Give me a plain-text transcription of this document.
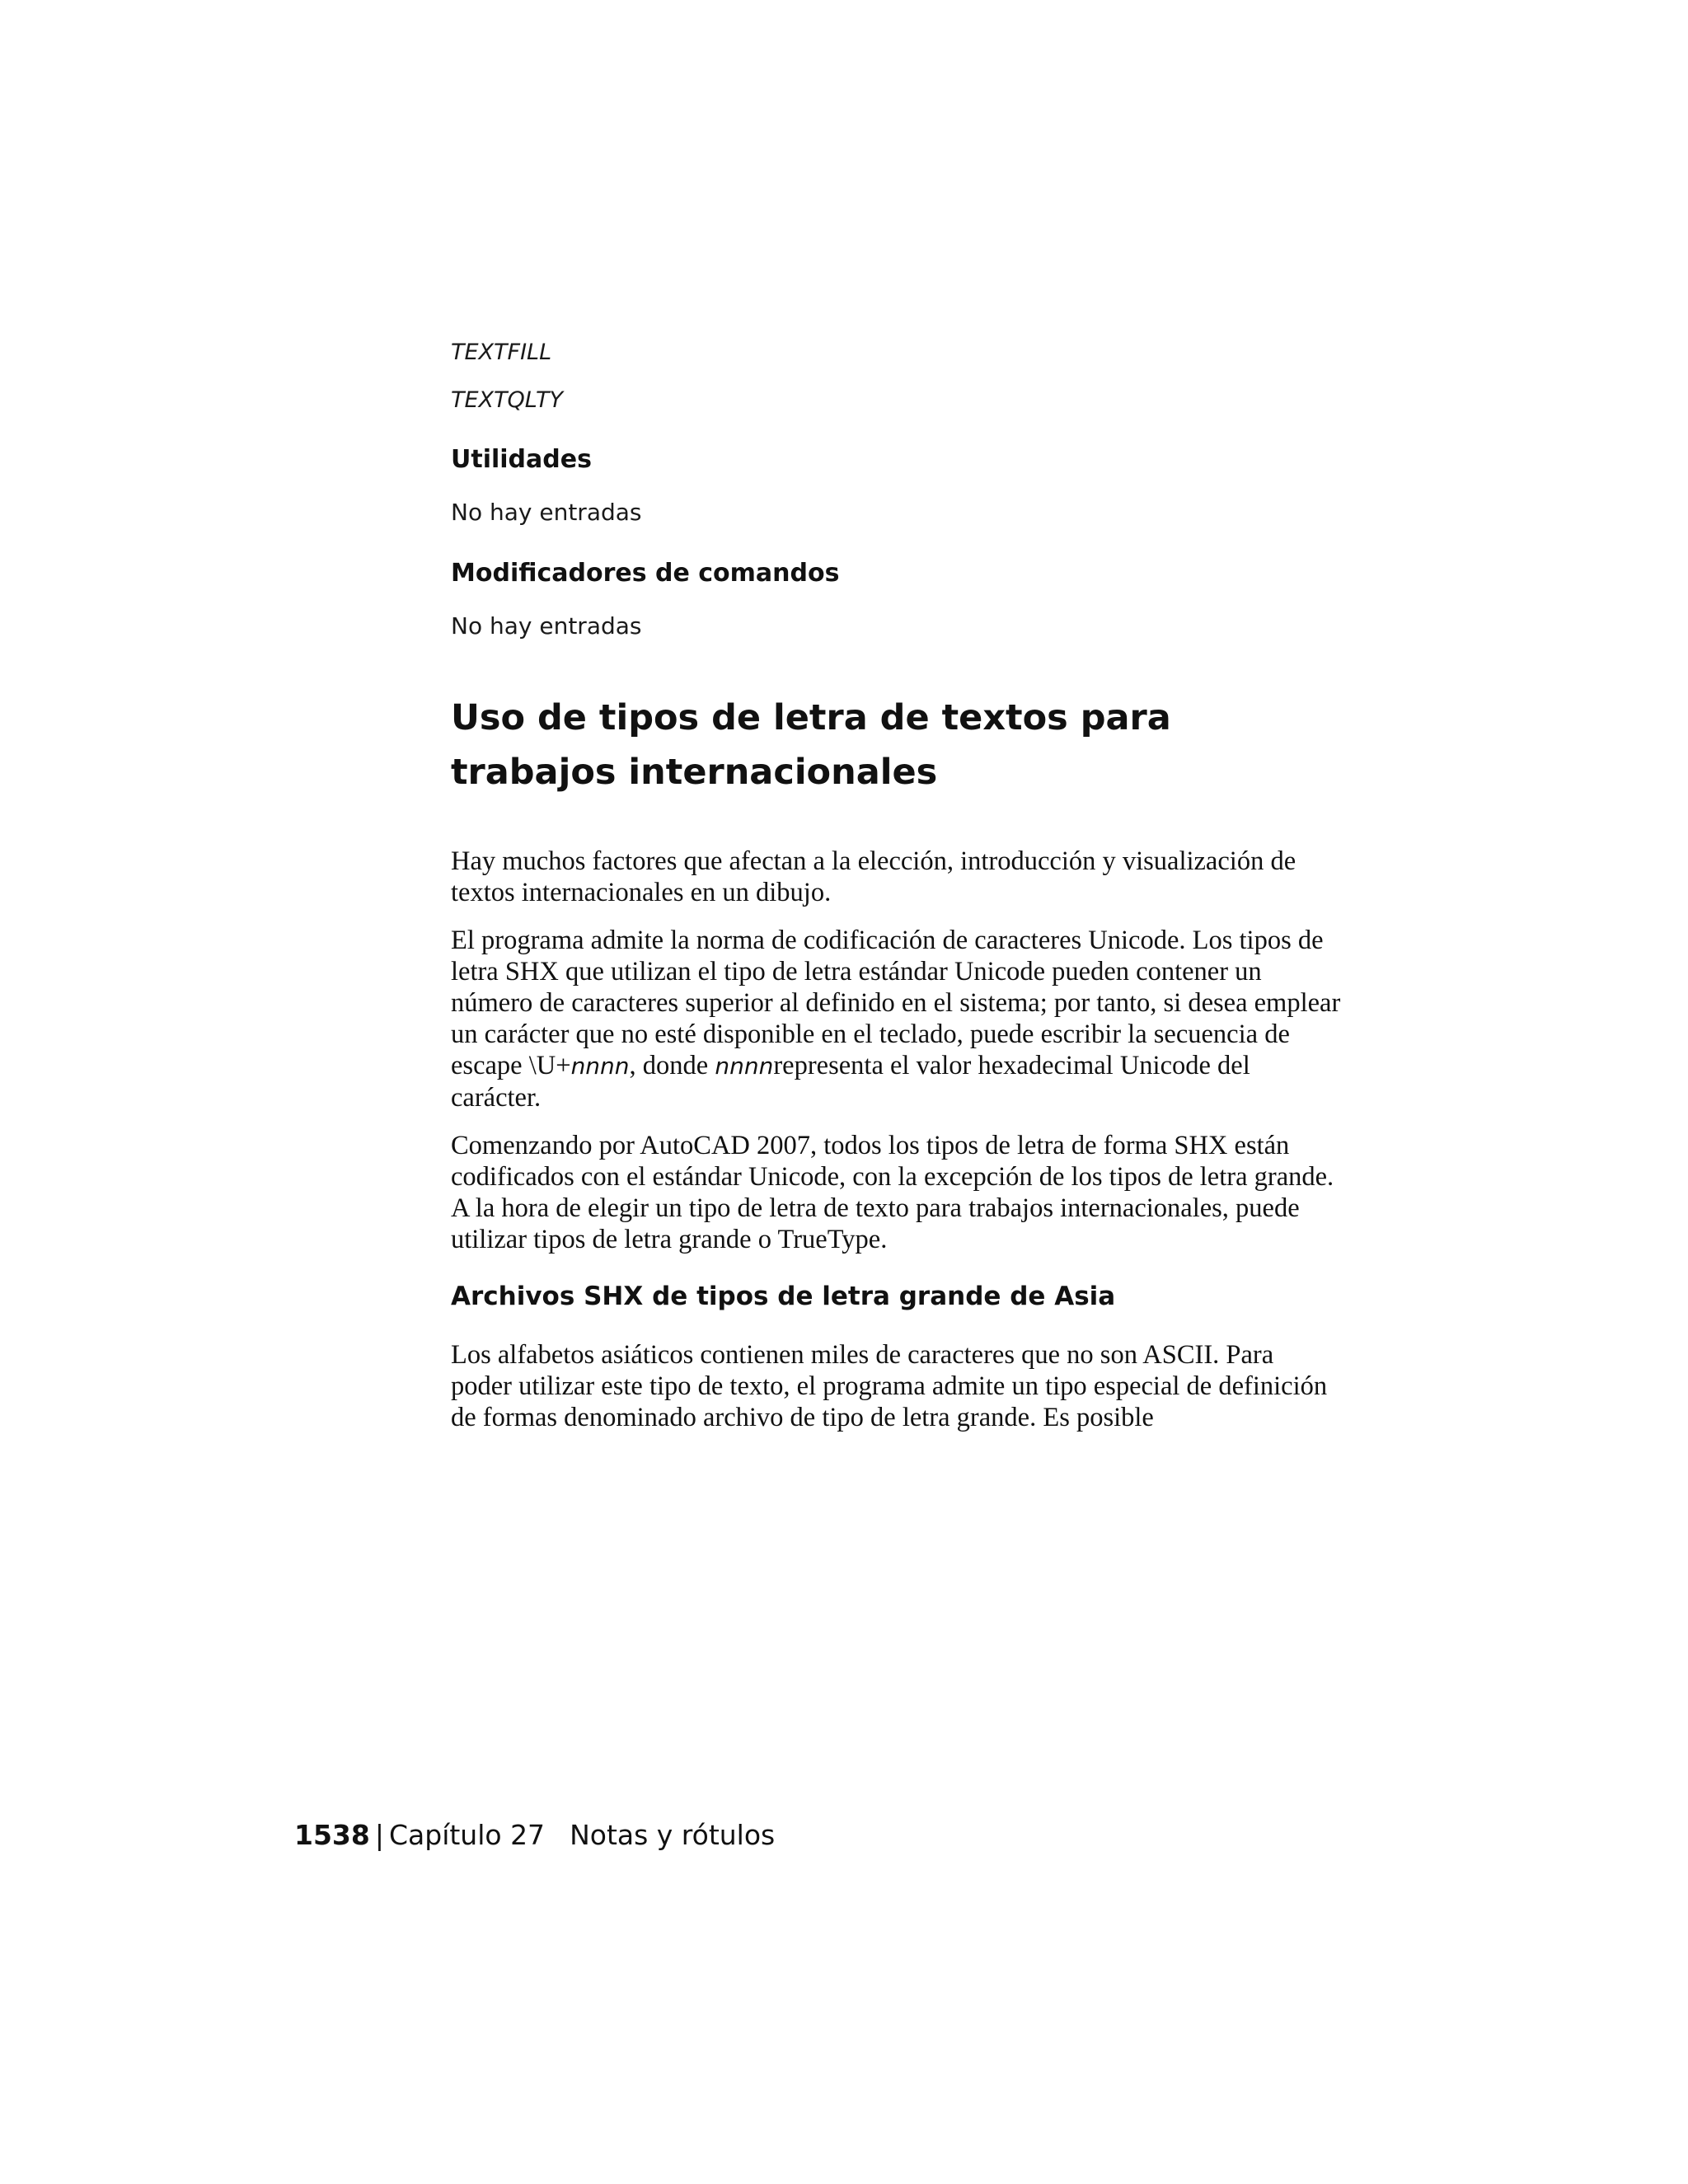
TEXTFILL

TEXTQLTY

Utilidades

No hay entradas

Modificadores de comandos

No hay entradas

Uso de tipos de letra de textos para trabajos internacionales

Hay muchos factores que afectan a la elección, introducción y visualización de textos internacionales en un dibujo.

El programa admite la norma de codificación de caracteres Unicode. Los tipos de letra SHX que utilizan el tipo de letra estándar Unicode pueden contener un número de caracteres superior al definido en el sistema; por tanto, si desea emplear un carácter que no esté disponible en el teclado, puede escribir la secuencia de escape \U+nnnn, donde nnnnrepresenta el valor hexadecimal Unicode del carácter.

Comenzando por AutoCAD 2007, todos los tipos de letra de forma SHX están codificados con el estándar Unicode, con la excepción de los tipos de letra grande. A la hora de elegir un tipo de letra de texto para trabajos internacionales, puede utilizar tipos de letra grande o TrueType.

Archivos SHX de tipos de letra grande de Asia

Los alfabetos asiáticos contienen miles de caracteres que no son ASCII. Para poder utilizar este tipo de texto, el programa admite un tipo especial de definición de formas denominado archivo de tipo de letra grande. Es posible

1538 | Capítulo 27 Notas y rótulos
